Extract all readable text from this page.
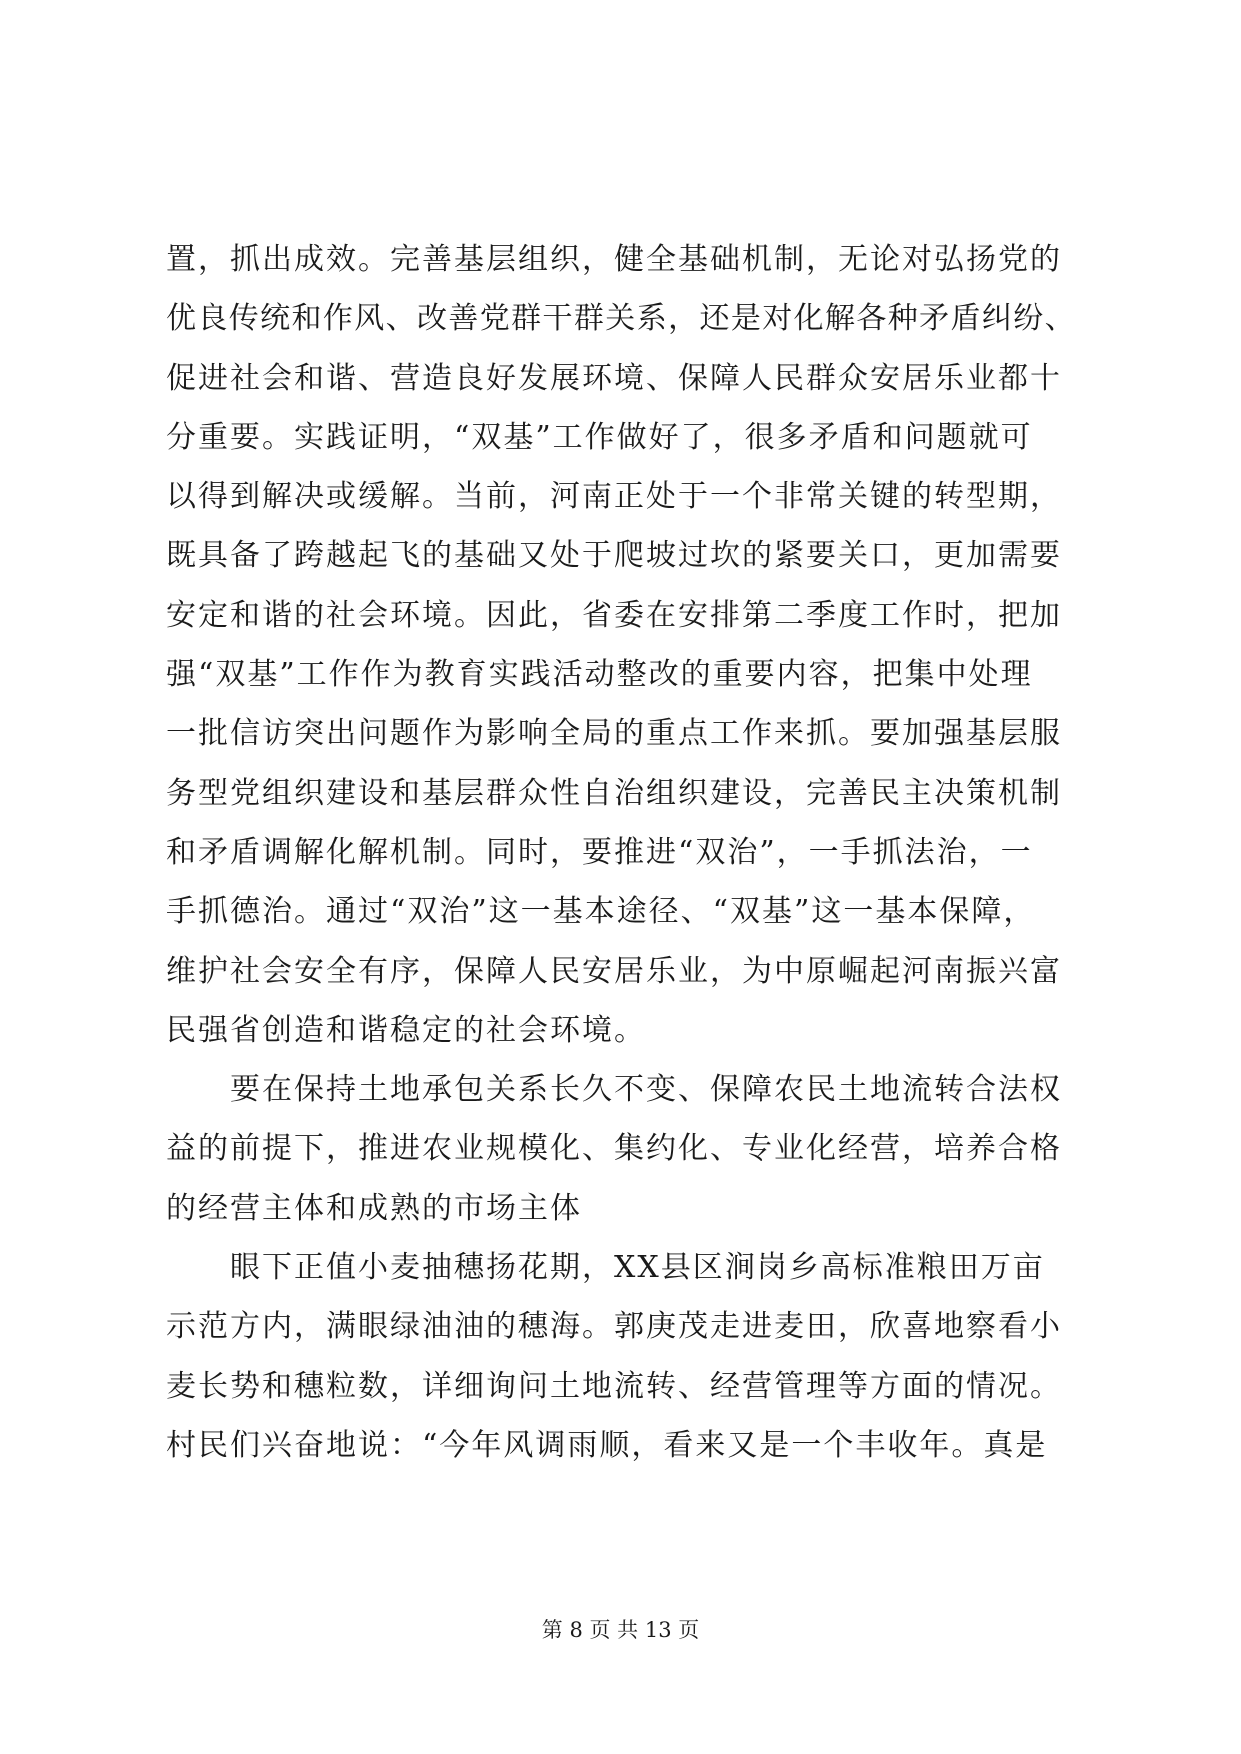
置，抓出成效。完善基层组织，健全基础机制，无论对弘扬党的
优良传统和作风、改善党群干群关系，还是对化解各种矛盾纠纷、
促进社会和谐、营造良好发展环境、保障人民群众安居乐业都十
分重要。实践证明，“双基”工作做好了，很多矛盾和问题就可
以得到解决或缓解。当前，河南正处于一个非常关键的转型期，
既具备了跨越起飞的基础又处于爬坡过坎的紧要关口，更加需要
安定和谐的社会环境。因此，省委在安排第二季度工作时，把加
强“双基”工作作为教育实践活动整改的重要内容，把集中处理
一批信访突出问题作为影响全局的重点工作来抓。要加强基层服
务型党组织建设和基层群众性自治组织建设，完善民主决策机制
和矛盾调解化解机制。同时，要推进“双治”，一手抓法治，一
手抓德治。通过“双治”这一基本途径、“双基”这一基本保障，
维护社会安全有序，保障人民安居乐业，为中原崛起河南振兴富
民强省创造和谐稳定的社会环境。
要在保持土地承包关系长久不变、保障农民土地流转合法权
益的前提下，推进农业规模化、集约化、专业化经营，培养合格
的经营主体和成熟的市场主体
眼下正值小麦抽穗扬花期，XX县区涧岗乡高标准粮田万亩
示范方内，满眼绿油油的穗海。郭庚茂走进麦田，欣喜地察看小
麦长势和穗粒数，详细询问土地流转、经营管理等方面的情况。
村民们兴奋地说：“今年风调雨顺，看来又是一个丰收年。真是
第 8 页 共 13 页
